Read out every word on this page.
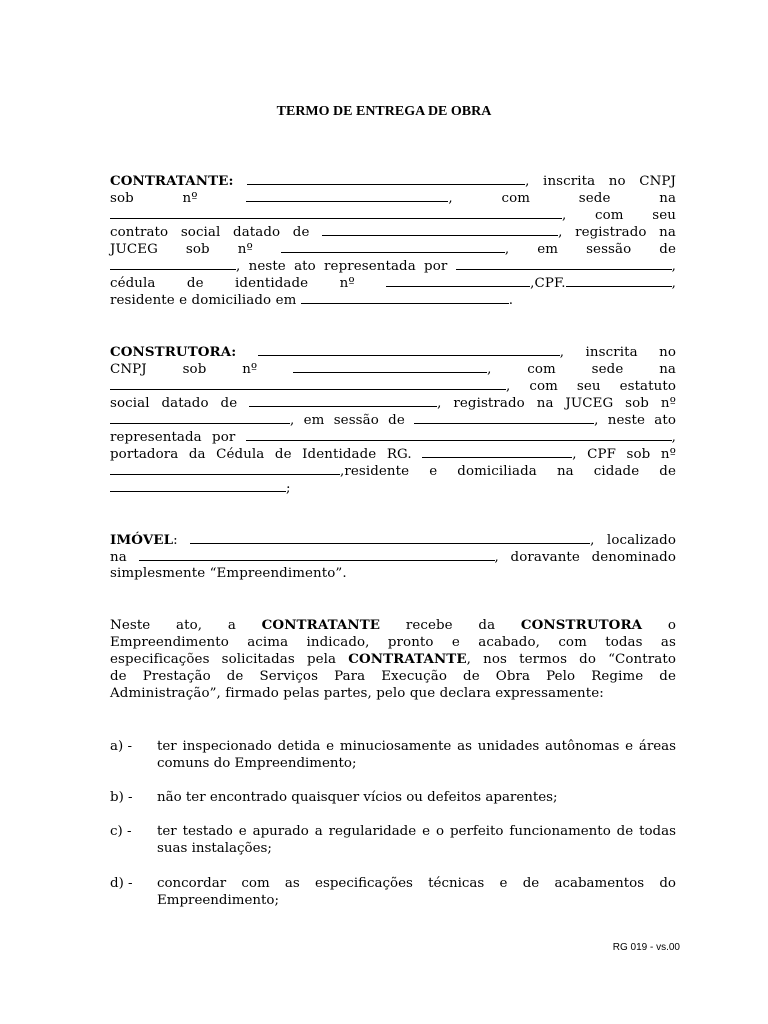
TERMO DE ENTREGA DE OBRA
CONTRATANTE:	, inscrita no CNPJ
sob	nº	,	com	sede	na
, com seu
contrato social datado de	, registrado na
JUCEG sob nº	, em sessão de
, neste ato representada por	,
cédula de identidade nº	,CPF.	,
residente e domiciliado em	.
CONSTRUTORA:	, inscrita no
CNPJ	sob	nº	,	com	sede	na
, com seu estatuto
social datado de	, registrado na JUCEG sob nº
, em sessão de	, neste ato
representada por	,
portadora da Cédula de Identidade RG.	, CPF sob nº
,residente e domiciliada na cidade de
;
IMÓVEL:	, localizado
na	, doravante denominado
simplesmente “Empreendimento”.
Neste ato, a CONTRATANTE recebe da CONSTRUTORA o
Empreendimento acima indicado, pronto e acabado, com todas as
especificações solicitadas pela CONTRATANTE, nos termos do “Contrato
de Prestação de Serviços Para Execução de Obra Pelo Regime de
Administração”, firmado pelas partes, pelo que declara expressamente:
a) - ter inspecionado detida e minuciosamente as unidades autônomas e áreas comuns do Empreendimento;
b) - não ter encontrado quaisquer vícios ou defeitos aparentes;
c) - ter testado e apurado a regularidade e o perfeito funcionamento de todas suas instalações;
d) - concordar com as especificações técnicas e de acabamentos do Empreendimento;
RG 019 - vs.00
